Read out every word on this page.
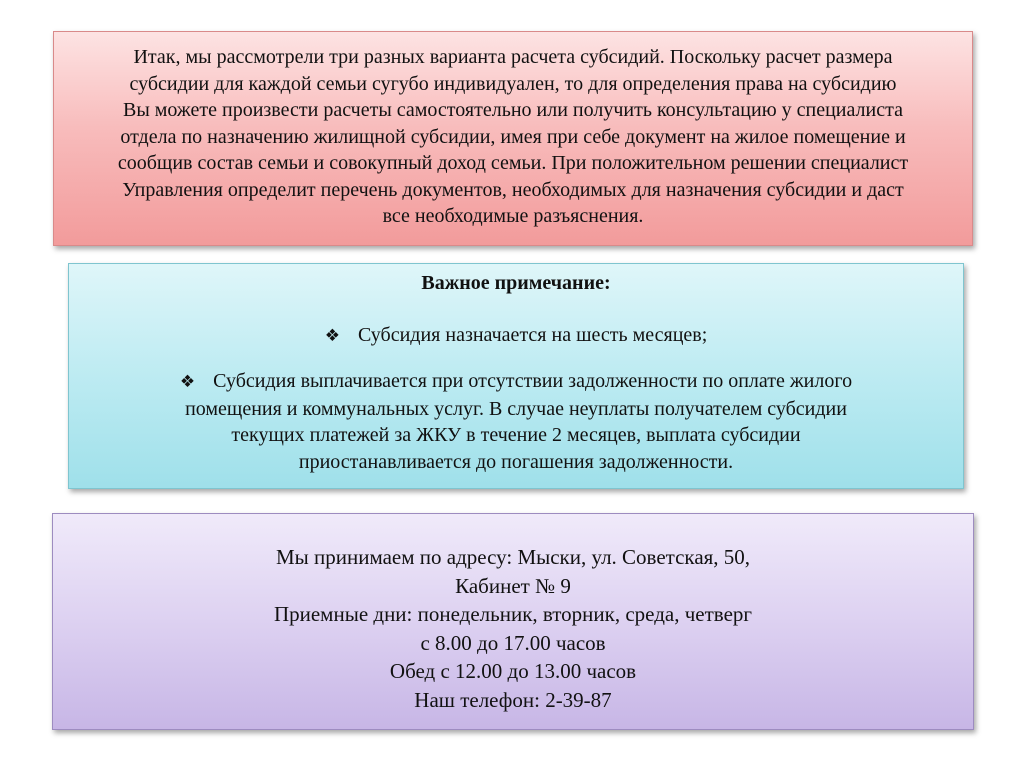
Итак, мы рассмотрели три разных варианта расчета субсидий. Поскольку расчет размера
субсидии для каждой семьи сугубо индивидуален, то для определения права на субсидию
Вы можете произвести расчеты самостоятельно или получить консультацию у специалиста
отдела по назначению жилищной субсидии, имея при себе документ на жилое помещение и
сообщив состав семьи и совокупный доход семьи. При положительном решении специалист
Управления определит перечень документов, необходимых для назначения субсидии и даст
все необходимые разъяснения.
Важное примечание:
❖ Субсидия назначается на шесть месяцев;
❖ Субсидия выплачивается при отсутствии задолженности по оплате жилого
помещения и коммунальных услуг. В случае неуплаты получателем субсидии
текущих платежей за ЖКУ в течение 2 месяцев, выплата субсидии
приостанавливается до погашения задолженности.
Мы принимаем по адресу: Мыски, ул. Советская, 50,
Кабинет № 9
Приемные дни: понедельник, вторник, среда, четверг
с 8.00 до 17.00 часов
Обед с 12.00 до 13.00 часов
Наш телефон: 2-39-87
